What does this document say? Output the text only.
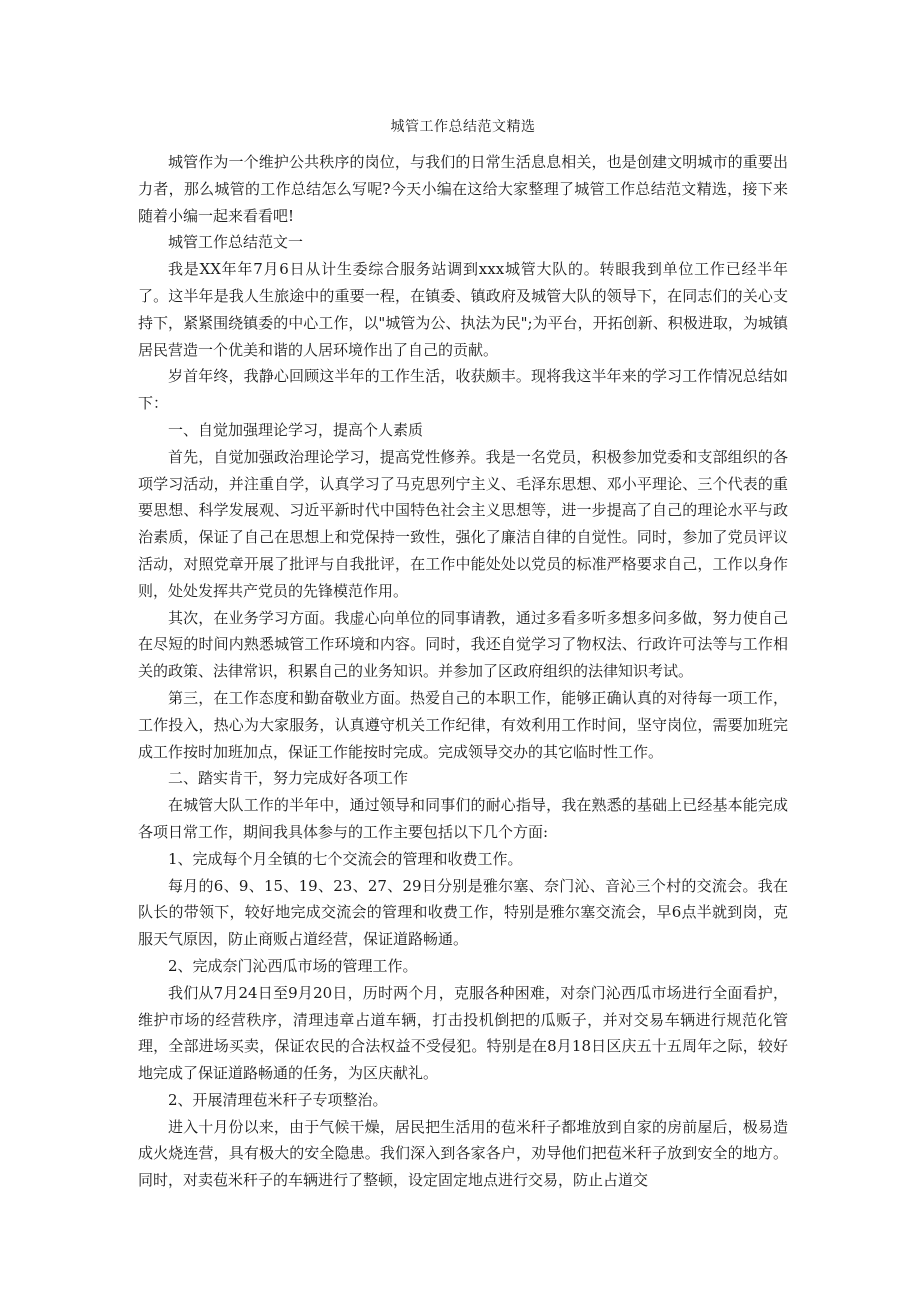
城管工作总结范文精选

城管作为一个维护公共秩序的岗位，与我们的日常生活息息相关，也是创建文明城市的重要出力者，那么城管的工作总结怎么写呢?今天小编在这给大家整理了城管工作总结范文精选，接下来随着小编一起来看看吧!

城管工作总结范文一

我是XX年年7月6日从计生委综合服务站调到xxx城管大队的。转眼我到单位工作已经半年了。这半年是我人生旅途中的重要一程，在镇委、镇政府及城管大队的领导下，在同志们的关心支持下，紧紧围绕镇委的中心工作，以"城管为公、执法为民";为平台，开拓创新、积极进取，为城镇居民营造一个优美和谐的人居环境作出了自己的贡献。

岁首年终，我静心回顾这半年的工作生活，收获颇丰。现将我这半年来的学习工作情况总结如下：

一、自觉加强理论学习，提高个人素质

首先，自觉加强政治理论学习，提高党性修养。我是一名党员，积极参加党委和支部组织的各项学习活动，并注重自学，认真学习了马克思列宁主义、毛泽东思想、邓小平理论、三个代表的重要思想、科学发展观、习近平新时代中国特色社会主义思想等，进一步提高了自己的理论水平与政治素质，保证了自己在思想上和党保持一致性，强化了廉洁自律的自觉性。同时，参加了党员评议活动，对照党章开展了批评与自我批评，在工作中能处处以党员的标准严格要求自己，工作以身作则，处处发挥共产党员的先锋模范作用。

其次，在业务学习方面。我虚心向单位的同事请教，通过多看多听多想多问多做，努力使自己在尽短的时间内熟悉城管工作环境和内容。同时，我还自觉学习了物权法、行政许可法等与工作相关的政策、法律常识，积累自己的业务知识。并参加了区政府组织的法律知识考试。

第三，在工作态度和勤奋敬业方面。热爱自己的本职工作，能够正确认真的对待每一项工作，工作投入，热心为大家服务，认真遵守机关工作纪律，有效利用工作时间，坚守岗位，需要加班完成工作按时加班加点，保证工作能按时完成。完成领导交办的其它临时性工作。

二、踏实肯干，努力完成好各项工作

在城管大队工作的半年中，通过领导和同事们的耐心指导，我在熟悉的基础上已经基本能完成各项日常工作，期间我具体参与的工作主要包括以下几个方面:

1、完成每个月全镇的七个交流会的管理和收费工作。

每月的6、9、15、19、23、27、29日分别是雅尔塞、奈门沁、音沁三个村的交流会。我在队长的带领下，较好地完成交流会的管理和收费工作，特别是雅尔塞交流会，早6点半就到岗，克服天气原因，防止商贩占道经营，保证道路畅通。

2、完成奈门沁西瓜市场的管理工作。

我们从7月24日至9月20日，历时两个月，克服各种困难，对奈门沁西瓜市场进行全面看护，维护市场的经营秩序，清理违章占道车辆，打击投机倒把的瓜贩子，并对交易车辆进行规范化管理，全部进场买卖，保证农民的合法权益不受侵犯。特别是在8月18日区庆五十五周年之际，较好地完成了保证道路畅通的任务，为区庆献礼。

2、开展清理苞米秆子专项整治。

进入十月份以来，由于气候干燥，居民把生活用的苞米秆子都堆放到自家的房前屋后，极易造成火烧连营，具有极大的安全隐患。我们深入到各家各户，劝导他们把苞米秆子放到安全的地方。同时，对卖苞米秆子的车辆进行了整顿，设定固定地点进行交易，防止占道交
